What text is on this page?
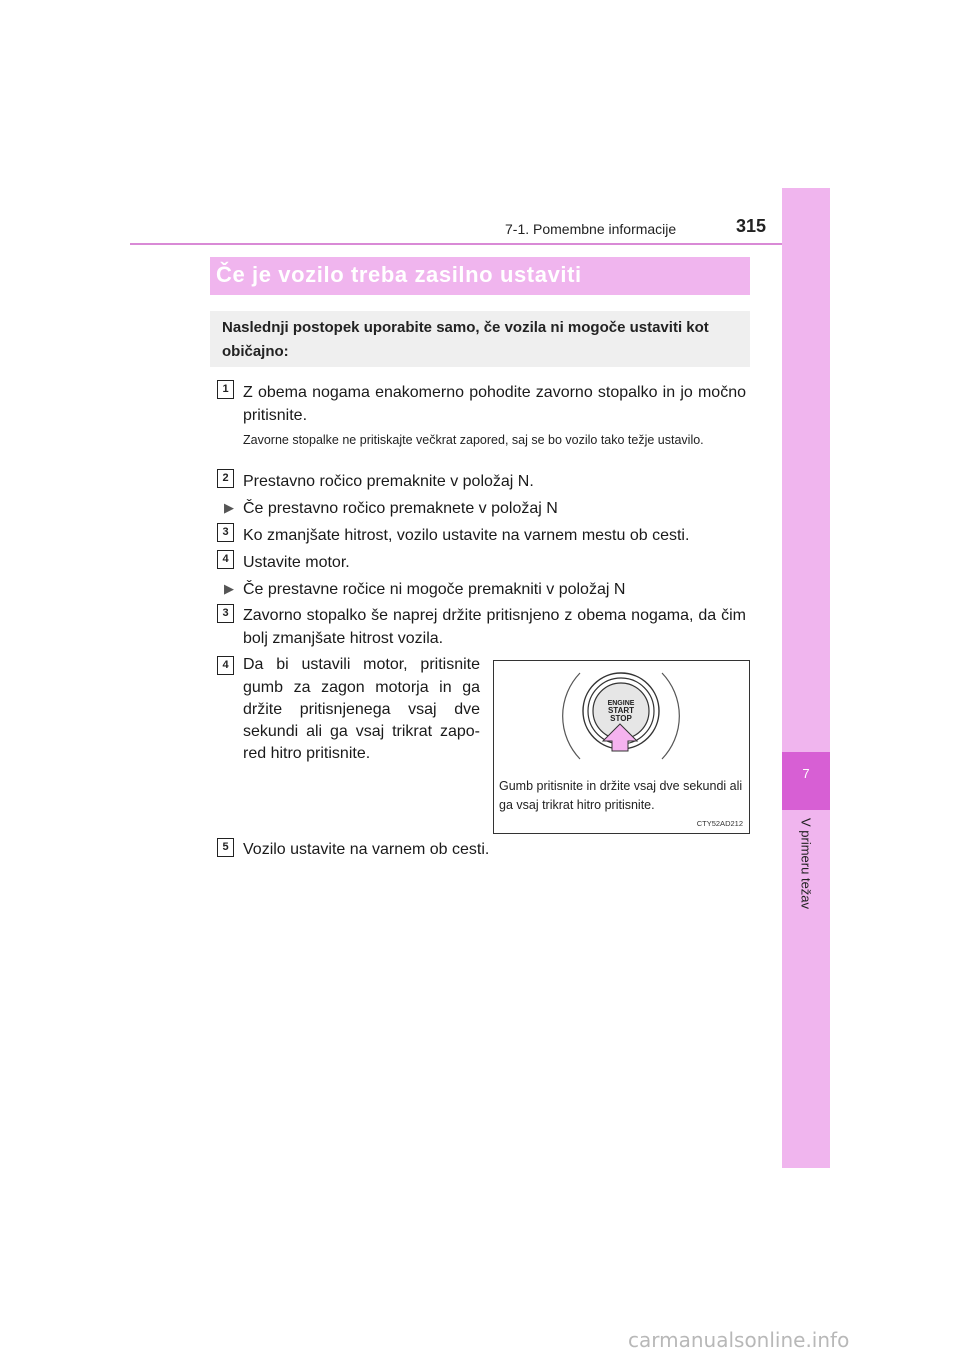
7-1. Pomembne informacije	315
7
V primeru težav
Če je vozilo treba zasilno ustaviti
Naslednji postopek uporabite samo, če vozila ni mogoče ustaviti kot običajno:
1 Z obema nogama enakomerno pohodite zavorno stopalko in jo močno pritisnite.
Zavorne stopalke ne pritiskajte večkrat zapored, saj se bo vozilo tako težje ustavilo.
2 Prestavno ročico premaknite v položaj N.
▶ Če prestavno ročico premaknete v položaj N
3 Ko zmanjšate hitrost, vozilo ustavite na varnem mestu ob cesti.
4 Ustavite motor.
▶ Če prestavne ročice ni mogoče premakniti v položaj N
3 Zavorno stopalko še naprej držite pritisnjeno z obema nogama, da čim bolj zmanjšate hitrost vozila.
4 Da bi ustavili motor, pritisnite
gumb za zagon motorja in ga
držite pritisnjenega vsaj dve
sekundi ali ga vsaj trikrat zapo-
red hitro pritisnite.
ENGINE
START
STOP
Gumb pritisnite in držite vsaj dve sekundi ali ga vsaj trikrat hitro pritisnite.
CTY52AD212
5 Vozilo ustavite na varnem ob cesti.
carmanualsonline.info
